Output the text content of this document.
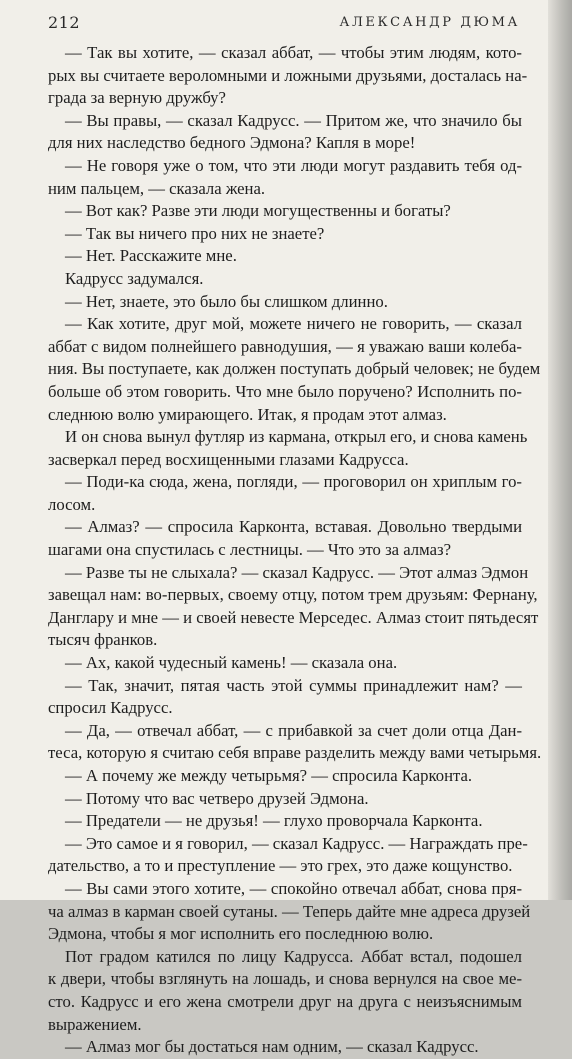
212	АЛЕКСАНДР ДЮМА
— Так вы хотите, — сказал аббат, — чтобы этим людям, кото-
рых вы считаете вероломными и ложными друзьями, досталась на-
града за верную дружбу?
— Вы правы, — сказал Кадрусс. — Притом же, что значило бы
для них наследство бедного Эдмона? Капля в море!
— Не говоря уже о том, что эти люди могут раздавить тебя од-
ним пальцем, — сказала жена.
— Вот как? Разве эти люди могущественны и богаты?
— Так вы ничего про них не знаете?
— Нет. Расскажите мне.
Кадрусс задумался.
— Нет, знаете, это было бы слишком длинно.
— Как хотите, друг мой, можете ничего не говорить, — сказал
аббат с видом полнейшего равнодушия, — я уважаю ваши колеба-
ния. Вы поступаете, как должен поступать добрый человек; не будем
больше об этом говорить. Что мне было поручено? Исполнить по-
следнюю волю умирающего. Итак, я продам этот алмаз.
И он снова вынул футляр из кармана, открыл его, и снова камень
засверкал перед восхищенными глазами Кадрусса.
— Поди-ка сюда, жена, погляди, — проговорил он хриплым го-
лосом.
— Алмаз? — спросила Карконта, вставая. Довольно твердыми
шагами она спустилась с лестницы. — Что это за алмаз?
— Разве ты не слыхала? — сказал Кадрусс. — Этот алмаз Эдмон
завещал нам: во-первых, своему отцу, потом трем друзьям: Фернану,
Данглару и мне — и своей невесте Мерседес. Алмаз стоит пятьдесят
тысяч франков.
— Ах, какой чудесный камень! — сказала она.
— Так, значит, пятая часть этой суммы принадлежит нам? —
спросил Кадрусс.
— Да, — отвечал аббат, — с прибавкой за счет доли отца Дан-
теса, которую я считаю себя вправе разделить между вами четырьмя.
— А почему же между четырьмя? — спросила Карконта.
— Потому что вас четверо друзей Эдмона.
— Предатели — не друзья! — глухо проворчала Карконта.
— Это самое и я говорил, — сказал Кадрусс. — Награждать пре-
дательство, а то и преступление — это грех, это даже кощунство.
— Вы сами этого хотите, — спокойно отвечал аббат, снова пря-
ча алмаз в карман своей сутаны. — Теперь дайте мне адреса друзей
Эдмона, чтобы я мог исполнить его последнюю волю.
Пот градом катился по лицу Кадрусса. Аббат встал, подошел
к двери, чтобы взглянуть на лошадь, и снова вернулся на свое ме-
сто. Кадрусс и его жена смотрели друг на друга с неизъяснимым
выражением.
— Алмаз мог бы достаться нам одним, — сказал Кадрусс.
